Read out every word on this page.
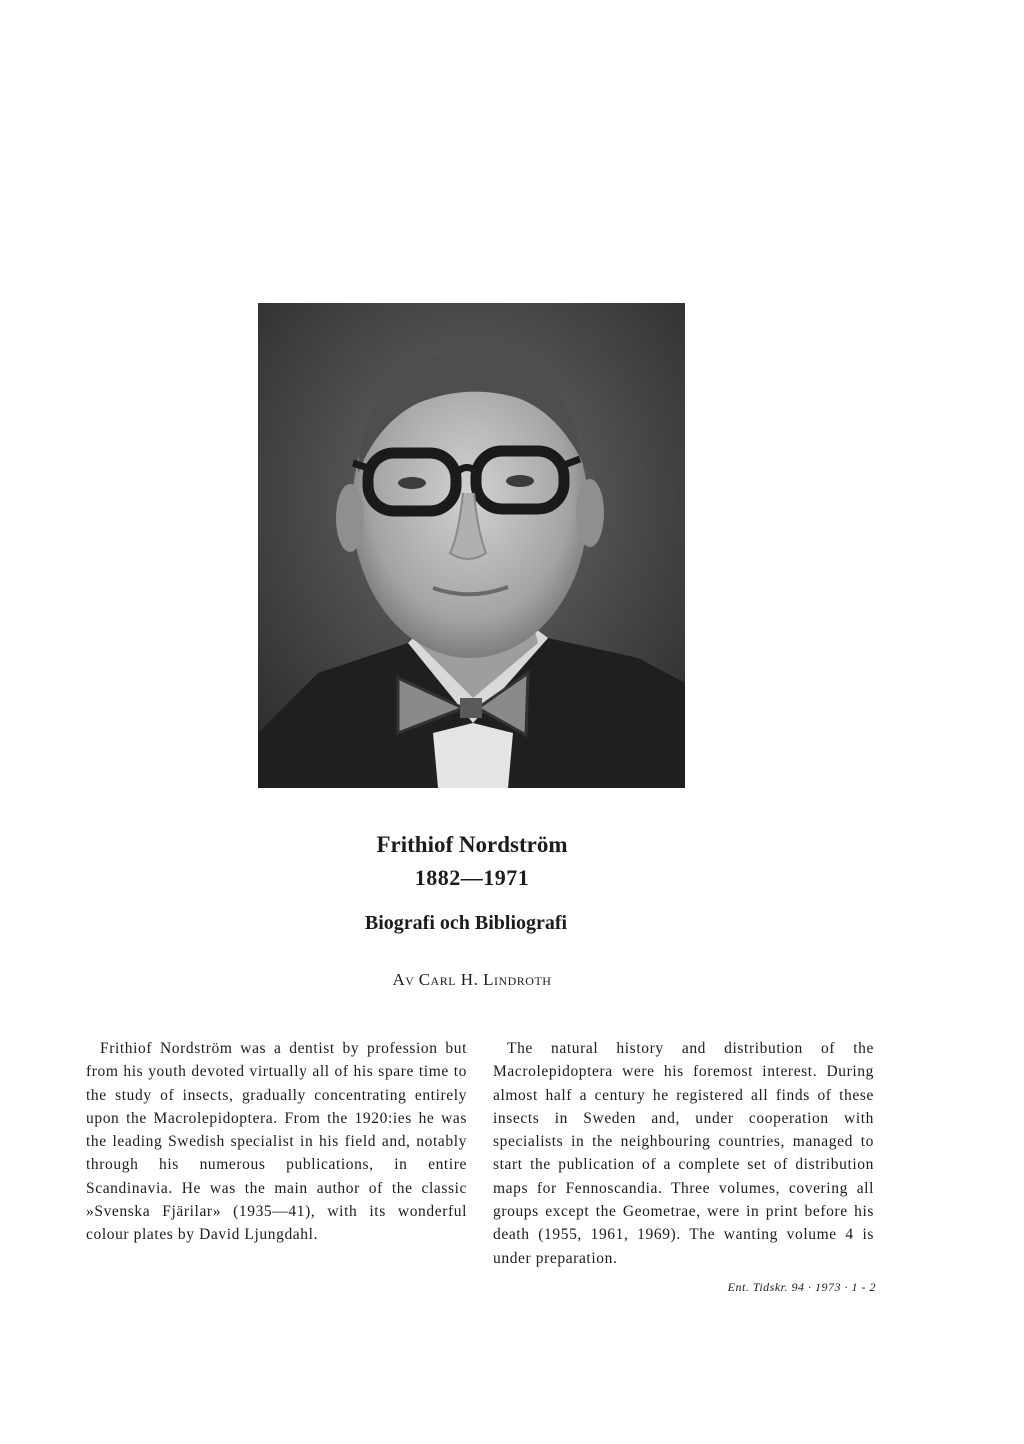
Frithiof Nordström
1882—1971
Biografi och Bibliografi
Av Carl H. Lindroth

Frithiof Nordström was a dentist by profession but from his youth devoted virtually all of his spare time to the study of insects, gradually concentrating entirely upon the Macrolepidoptera. From the 1920:ies he was the leading Swedish specialist in his field and, notably through his numerous publications, in entire Scandinavia. He was the main author of the classic »Svenska Fjärilar» (1935—41), with its wonderful colour plates by David Ljungdahl.

The natural history and distribution of the Macrolepidoptera were his foremost interest. During almost half a century he registered all finds of these insects in Sweden and, under cooperation with specialists in the neighbouring countries, managed to start the publication of a complete set of distribution maps for Fennoscandia. Three volumes, covering all groups except the Geometrae, were in print before his death (1955, 1961, 1969). The wanting volume 4 is under preparation.

Ent. Tidskr. 94 · 1973 · 1 - 2
